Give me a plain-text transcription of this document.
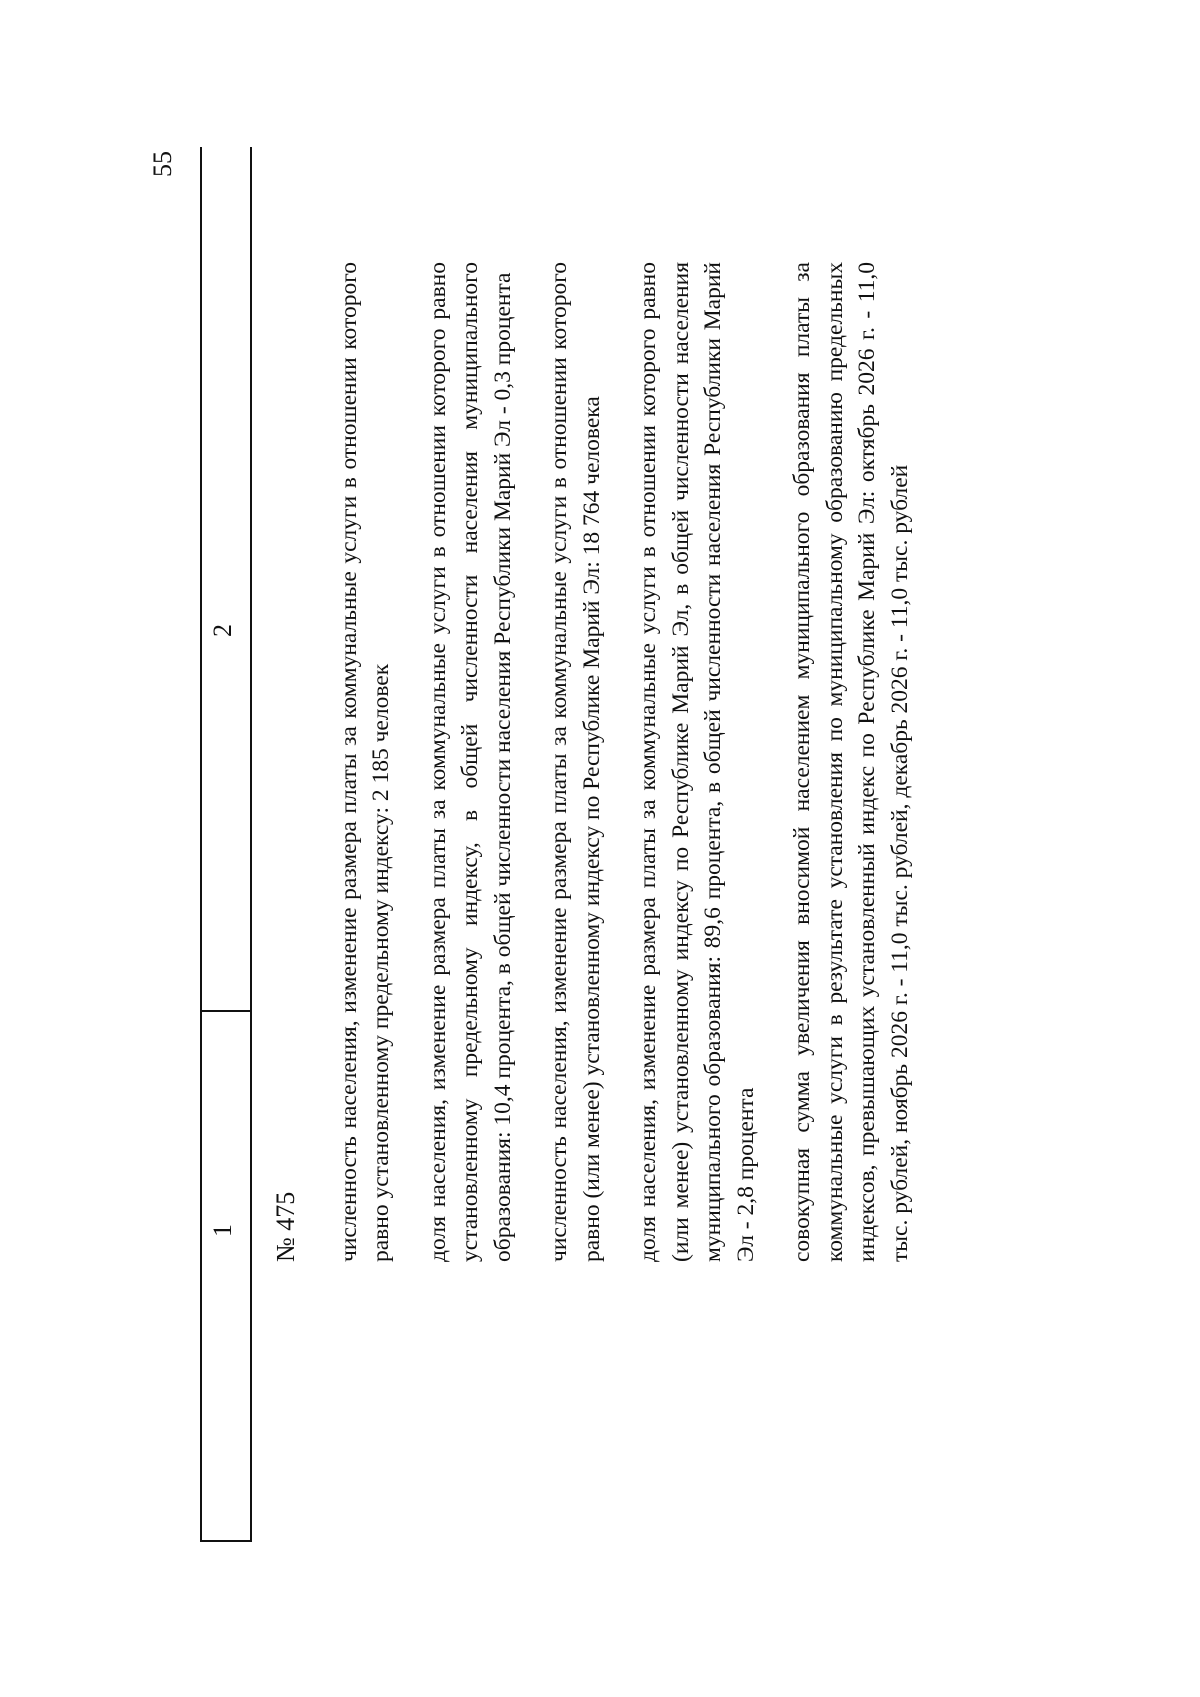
55
1
2

№ 475 численность населения, изменение размера платы за коммунальные услуги в отношении которого равно установленному предельному индексу: 2 185 человек доля населения, изменение размера платы за коммунальные услуги в отношении которого равно установленному предельному индексу, в общей численности населения муниципального образования: 10,4 процента, в общей численности населения Республики Марий Эл - 0,3 процента численность населения, изменение размера платы за коммунальные услуги в отношении которого равно (или менее) установленному индексу по Республике Марий Эл: 18 764 человека доля населения, изменение размера платы за коммунальные услуги в отношении которого равно (или менее) установленному индексу по Республике Марий Эл, в общей численности населения муниципального образования: 89,6 процента, в общей численности населения Республики Марий Эл - 2,8 процента совокупная сумма увеличения вносимой населением муниципального образования платы за коммунальные услуги в результате установления по муниципальному образованию предельных индексов, превышающих установленный индекс по Республике Марий Эл: октябрь 2026 г. - 11,0 тыс. рублей, ноябрь 2026 г. - 11,0 тыс. рублей, декабрь 2026 г. - 11,0 тыс. рублей
